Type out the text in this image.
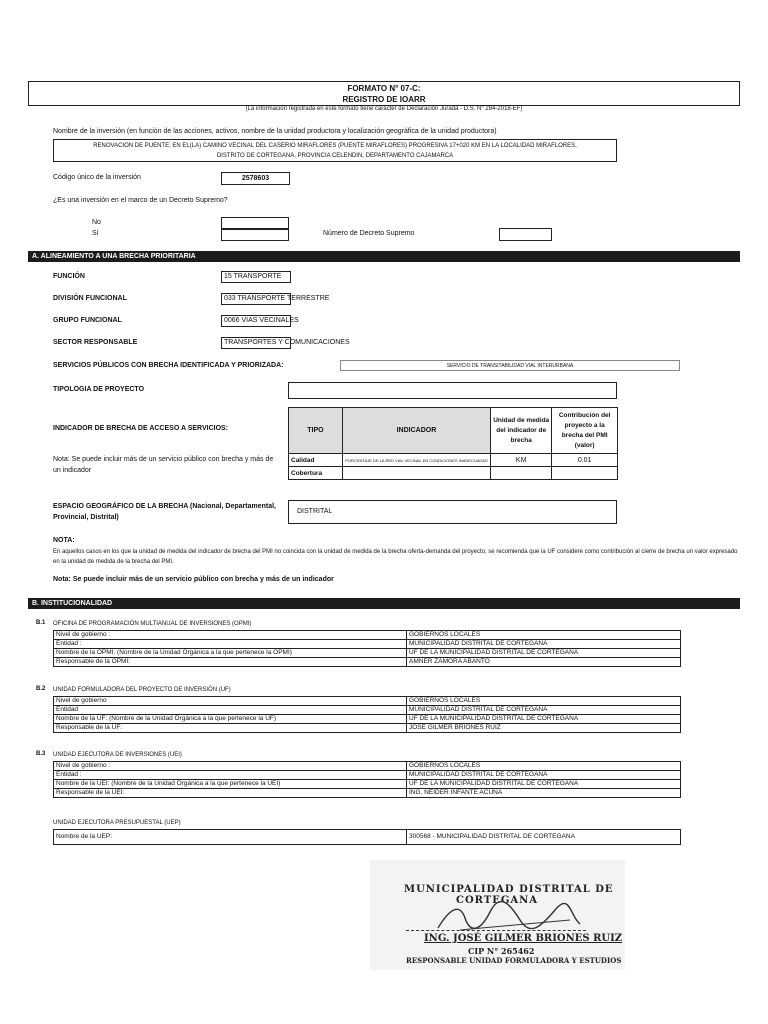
FORMATO N° 07-C:
REGISTRO DE IOARR
(La información registrada en este formato tiene carácter de Declaración Jurada - D.S. N° 284-2018-EF)
Nombre de la inversión (en función de las acciones, activos, nombre de la unidad productora y localización geográfica de la unidad productora)
RENOVACION DE PUENTE; EN EL(LA) CAMINO VECINAL DEL CASERIO MIRAFLORES (PUENTE MIRAFLORES) PROGRESIVA 17+020 KM EN LA LOCALIDAD MIRAFLORES,
DISTRITO DE CORTEGANA, PROVINCIA CELENDIN, DEPARTAMENTO CAJAMARCA
Código único de la inversión	2578603
¿Es una inversión en el marco de un Decreto Supremo?
No
Sí	Número de Decreto Supremo
A. ALINEAMIENTO A UNA BRECHA PRIORITARIA
FUNCIÓN	15 TRANSPORTE
DIVISIÓN FUNCIONAL	033 TRANSPORTE TERRESTRE
GRUPO FUNCIONAL	0066 VIAS VECINALES
SECTOR RESPONSABLE	TRANSPORTES Y COMUNICACIONES
SERVICIOS PÚBLICOS CON BRECHA IDENTIFICADA Y PRIORIZADA:	SERVICIO DE TRANSITABILIDAD VIAL INTERURBANA
TIPOLOGIA DE PROYECTO
INDICADOR DE BRECHA DE ACCESO A SERVICIOS:
Nota: Se puede incluir más de un servicio público con brecha y más de un indicador
TIPO	INDICADOR	Unidad de medida del indicador de brecha	Contribución del proyecto a la brecha del PMI (valor)
Calidad	PORCENTAJE DE LA RED VIAL VECINAL EN CONDICIONES INADECUADAS	KM	0.01
Cobertura			
ESPACIO GEOGRÁFICO DE LA BRECHA (Nacional, Departamental, Provincial, Distrital)
DISTRITAL
NOTA:
En aquellos casos en los que la unidad de medida del indicador de brecha del PMI no coincida con la unidad de medida de la brecha oferta-demanda del proyecto, se recomienda que la UF considere como contribución al cierre de brecha un valor expresado en la unidad de medida de la brecha del PMI.
Nota: Se puede incluir más de un servicio público con brecha y más de un indicador
B. INSTITUCIONALIDAD
B.1 OFICINA DE PROGRAMACIÓN MULTIANUAL DE INVERSIONES (OPMI)
Nivel de gobierno :	GOBIERNOS LOCALES
Entidad :	MUNICIPALIDAD DISTRITAL DE CORTEGANA
Nombre de la OPMI: (Nombre de la Unidad Orgánica a la que pertenece la OPMI)	UF DE LA MUNICIPALIDAD DISTRITAL DE CORTEGANA
Responsable de la OPMI:	AMNER ZAMORA ABANTO
B.2 UNIDAD FORMULADORA DEL PROYECTO DE INVERSIÓN (UF)
Nivel de gobierno	GOBIERNOS LOCALES
Entidad	MUNICIPALIDAD DISTRITAL DE CORTEGANA
Nombre de la UF: (Nombre de la Unidad Orgánica a la que pertenece la UF)	UF DE LA MUNICIPALIDAD DISTRITAL DE CORTEGANA
Responsable de la UF:	JOSE GILMER BRIONES RUIZ
B.3 UNIDAD EJECUTORA DE INVERSIONES (UEI)
Nivel de gobierno :	GOBIERNOS LOCALES
Entidad :	MUNICIPALIDAD DISTRITAL DE CORTEGANA
Nombre de la UEI: (Nombre de la Unidad Orgánica a la que pertenece la UEI)	UF DE LA MUNICIPALIDAD DISTRITAL DE CORTEGANA
Responsable de la UEI:	ING. NEIDER INFANTE ACUÑA
UNIDAD EJECUTORA PRESUPUESTAL (UEP)
Nombre de la UEP:	300568 - MUNICIPALIDAD DISTRITAL DE CORTEGANA
MUNICIPALIDAD DISTRITAL DE
CORTEGANA
ING. JOSÉ GILMER BRIONES RUIZ
CIP N° 265462
RESPONSABLE UNIDAD FORMULADORA Y ESTUDIOS
